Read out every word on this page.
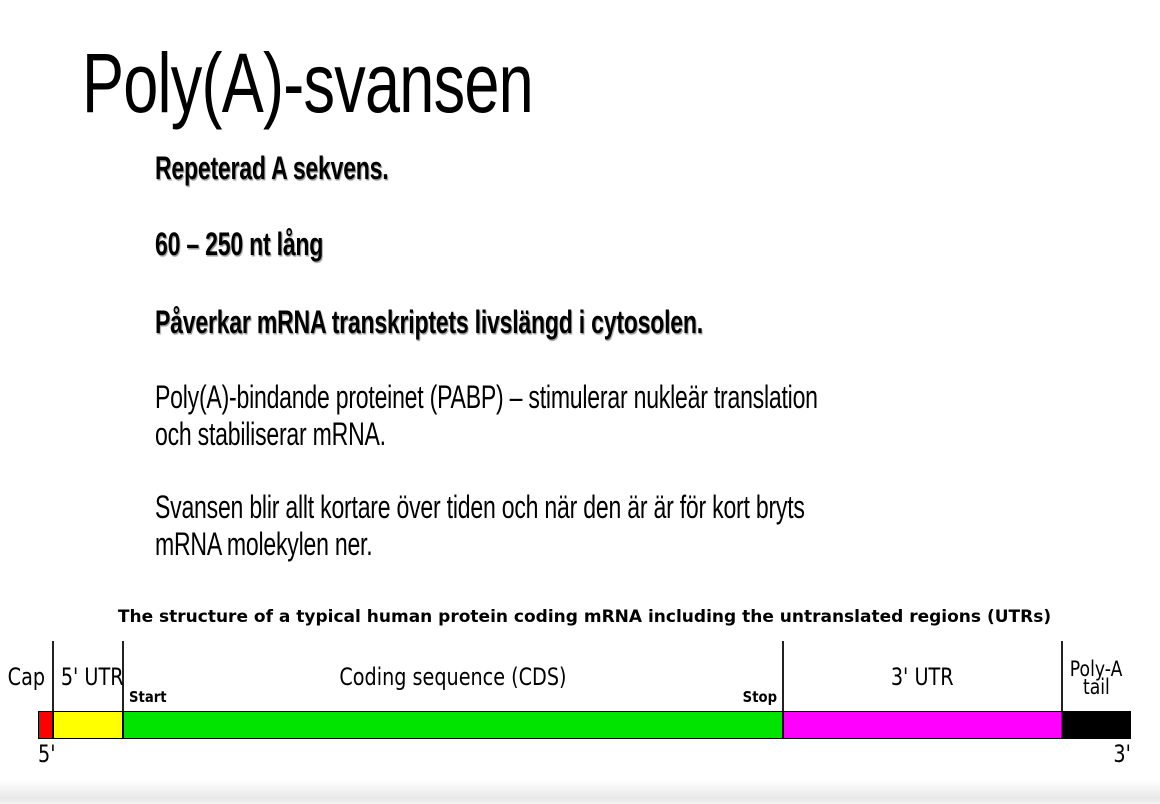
Poly(A)-svansen
Repeterad A sekvens.
60 – 250 nt lång
Påverkar mRNA transkriptets livslängd i cytosolen.
Poly(A)-bindande proteinet (PABP) – stimulerar nukleär translation
och stabiliserar mRNA.
Svansen blir allt kortare över tiden och när den är är för kort bryts
mRNA molekylen ner.
The structure of a typical human protein coding mRNA including the untranslated regions (UTRs)
Cap 5' UTR	Coding sequence (CDS)	3' UTR	Poly-A
tail
Start	Stop
5'	3'
